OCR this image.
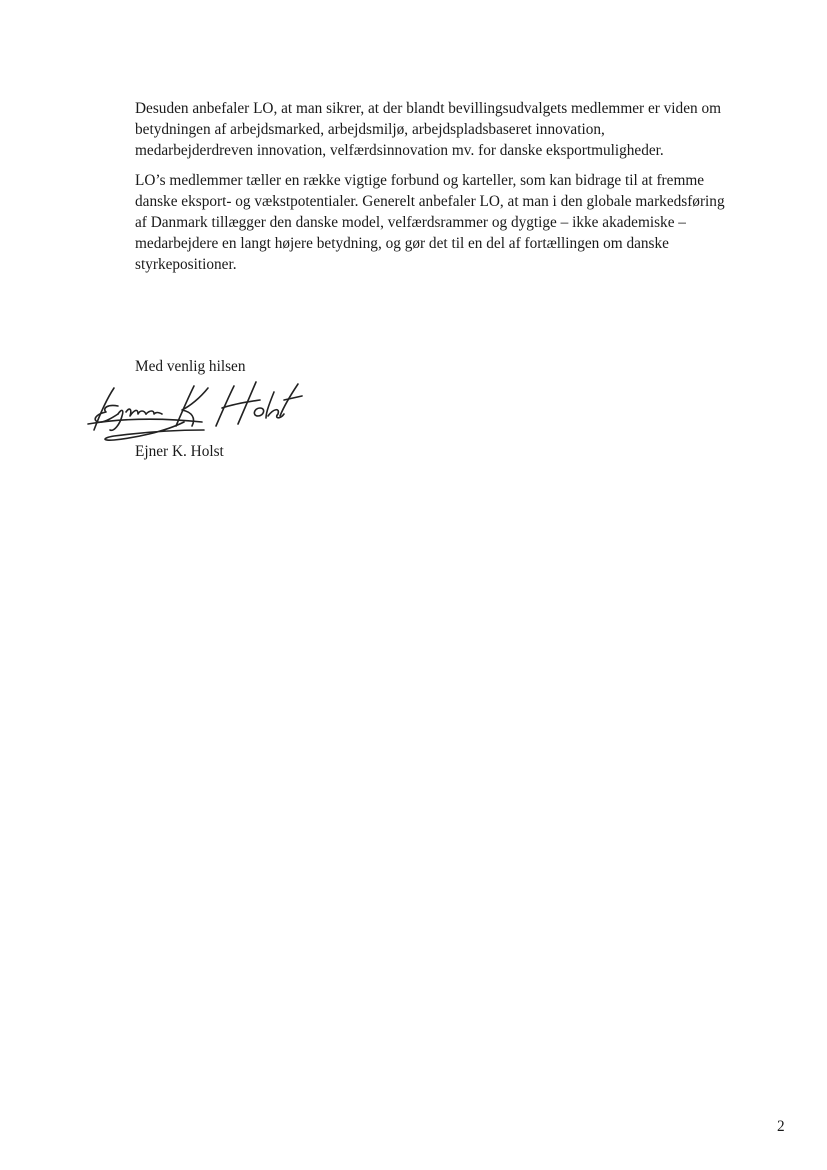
Desuden anbefaler LO, at man sikrer, at der blandt bevillingsudvalgets medlemmer er viden om betydningen af arbejdsmarked, arbejdsmiljø, arbejdspladsbaseret innovation, medarbejderdreven innovation, velfærdsinnovation mv. for danske eksportmuligheder.

LO’s medlemmer tæller en række vigtige forbund og karteller, som kan bidrage til at fremme danske eksport- og vækstpotentialer. Generelt anbefaler LO, at man i den globale markedsføring af Danmark tillægger den danske model, velfærdsrammer og dygtige – ikke akademiske – medarbejdere en langt højere betydning, og gør det til en del af fortællingen om danske styrkepositioner.

Med venlig hilsen
Ejner K. Holst
2
